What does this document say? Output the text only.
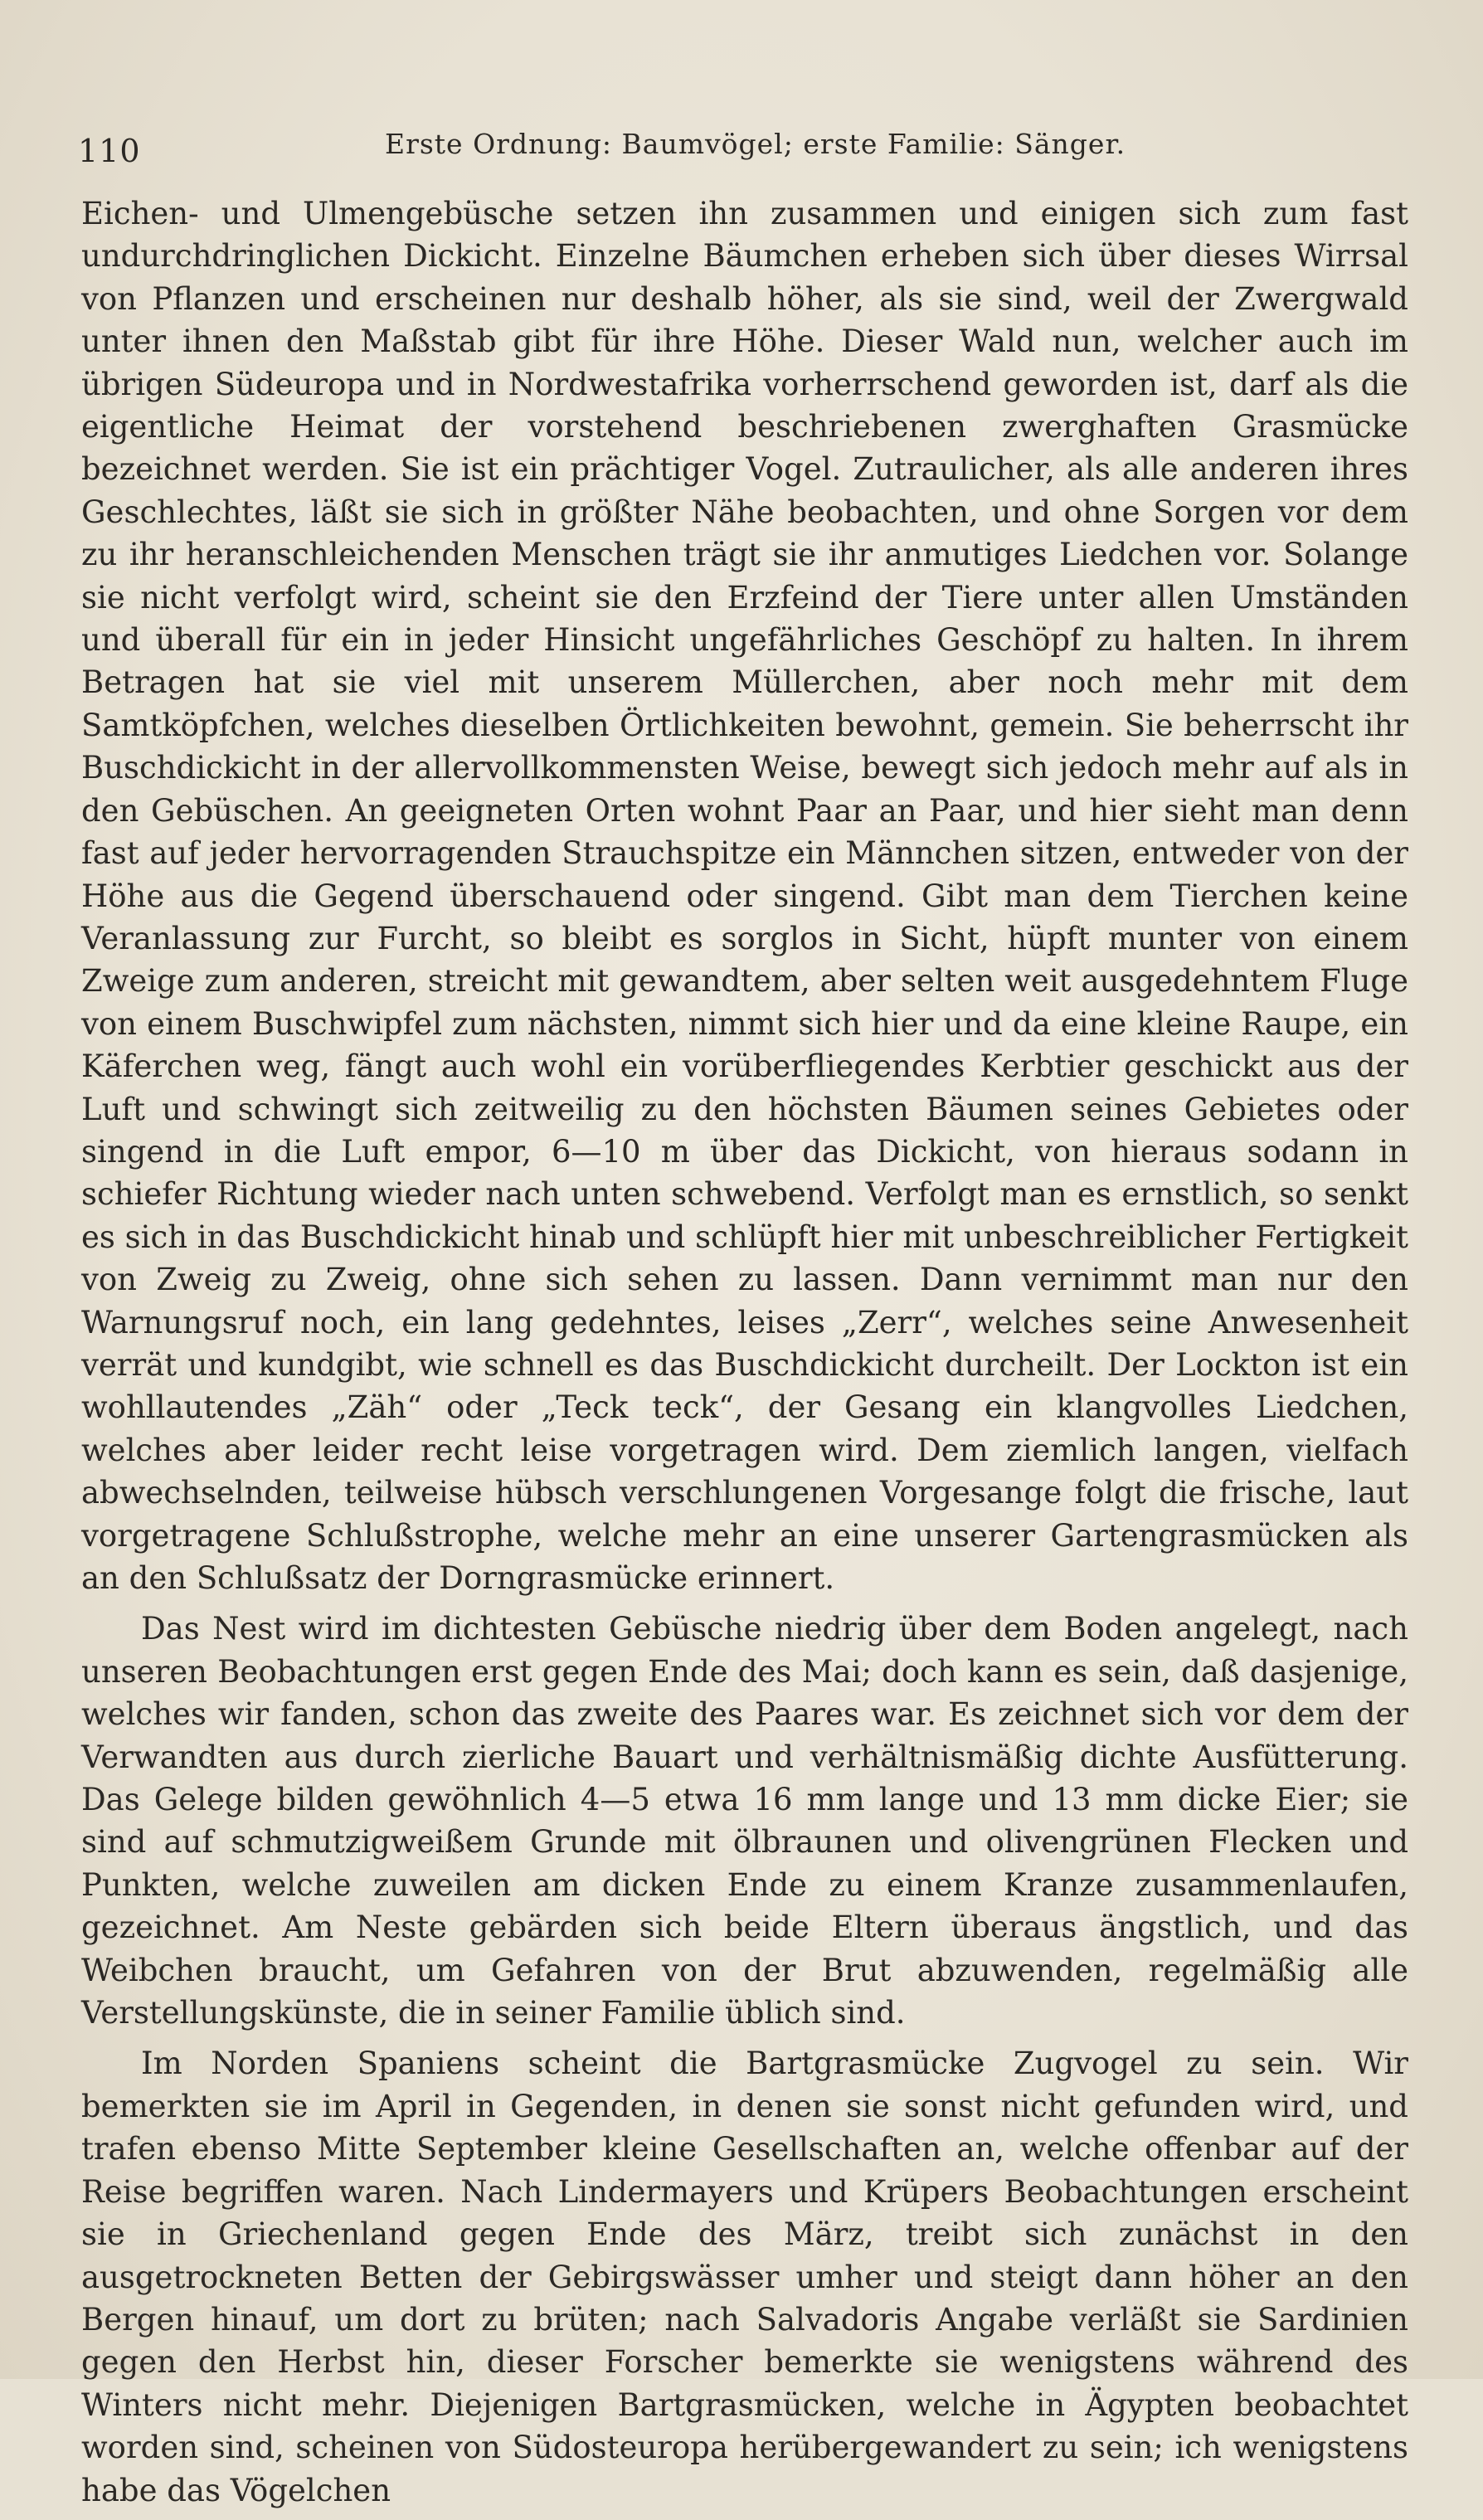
110	Erste Ordnung: Baumvögel; erste Familie: Sänger.

Eichen- und Ulmengebüsche setzen ihn zusammen und einigen sich zum fast undurchdringlichen Dickicht. Einzelne Bäumchen erheben sich über dieses Wirrsal von Pflanzen und erscheinen nur deshalb höher, als sie sind, weil der Zwergwald unter ihnen den Maßstab gibt für ihre Höhe. Dieser Wald nun, welcher auch im übrigen Südeuropa und in Nordwestafrika vorherrschend geworden ist, darf als die eigentliche Heimat der vorstehend beschriebenen zwerghaften Grasmücke bezeichnet werden. Sie ist ein prächtiger Vogel. Zutraulicher, als alle anderen ihres Geschlechtes, läßt sie sich in größter Nähe beobachten, und ohne Sorgen vor dem zu ihr heranschleichenden Menschen trägt sie ihr anmutiges Liedchen vor. Solange sie nicht verfolgt wird, scheint sie den Erzfeind der Tiere unter allen Umständen und überall für ein in jeder Hinsicht ungefährliches Geschöpf zu halten. In ihrem Betragen hat sie viel mit unserem Müllerchen, aber noch mehr mit dem Samtköpfchen, welches dieselben Örtlichkeiten bewohnt, gemein. Sie beherrscht ihr Buschdickicht in der allervollkommensten Weise, bewegt sich jedoch mehr auf als in den Gebüschen. An geeigneten Orten wohnt Paar an Paar, und hier sieht man denn fast auf jeder hervorragenden Strauchspitze ein Männchen sitzen, entweder von der Höhe aus die Gegend überschauend oder singend. Gibt man dem Tierchen keine Veranlassung zur Furcht, so bleibt es sorglos in Sicht, hüpft munter von einem Zweige zum anderen, streicht mit gewandtem, aber selten weit ausgedehntem Fluge von einem Buschwipfel zum nächsten, nimmt sich hier und da eine kleine Raupe, ein Käferchen weg, fängt auch wohl ein vorüberfliegendes Kerbtier geschickt aus der Luft und schwingt sich zeitweilig zu den höchsten Bäumen seines Gebietes oder singend in die Luft empor, 6—10 m über das Dickicht, von hieraus sodann in schiefer Richtung wieder nach unten schwebend. Verfolgt man es ernstlich, so senkt es sich in das Buschdickicht hinab und schlüpft hier mit unbeschreiblicher Fertigkeit von Zweig zu Zweig, ohne sich sehen zu lassen. Dann vernimmt man nur den Warnungsruf noch, ein lang gedehntes, leises „Zerr“, welches seine Anwesenheit verrät und kundgibt, wie schnell es das Buschdickicht durcheilt. Der Lockton ist ein wohllautendes „Zäh“ oder „Teck teck“, der Gesang ein klangvolles Liedchen, welches aber leider recht leise vorgetragen wird. Dem ziemlich langen, vielfach abwechselnden, teilweise hübsch verschlungenen Vorgesange folgt die frische, laut vorgetragene Schlußstrophe, welche mehr an eine unserer Gartengrasmücken als an den Schlußsatz der Dorngrasmücke erinnert.

Das Nest wird im dichtesten Gebüsche niedrig über dem Boden angelegt, nach unseren Beobachtungen erst gegen Ende des Mai; doch kann es sein, daß dasjenige, welches wir fanden, schon das zweite des Paares war. Es zeichnet sich vor dem der Verwandten aus durch zierliche Bauart und verhältnismäßig dichte Ausfütterung. Das Gelege bilden gewöhnlich 4—5 etwa 16 mm lange und 13 mm dicke Eier; sie sind auf schmutzigweißem Grunde mit ölbraunen und olivengrünen Flecken und Punkten, welche zuweilen am dicken Ende zu einem Kranze zusammenlaufen, gezeichnet. Am Neste gebärden sich beide Eltern überaus ängstlich, und das Weibchen braucht, um Gefahren von der Brut abzuwenden, regelmäßig alle Verstellungskünste, die in seiner Familie üblich sind.

Im Norden Spaniens scheint die Bartgrasmücke Zugvogel zu sein. Wir bemerkten sie im April in Gegenden, in denen sie sonst nicht gefunden wird, und trafen ebenso Mitte September kleine Gesellschaften an, welche offenbar auf der Reise begriffen waren. Nach Lindermayers und Krüpers Beobachtungen erscheint sie in Griechenland gegen Ende des März, treibt sich zunächst in den ausgetrockneten Betten der Gebirgswässer umher und steigt dann höher an den Bergen hinauf, um dort zu brüten; nach Salvadoris Angabe verläßt sie Sardinien gegen den Herbst hin, dieser Forscher bemerkte sie wenigstens während des Winters nicht mehr. Diejenigen Bartgrasmücken, welche in Ägypten beobachtet worden sind, scheinen von Südosteuropa herübergewandert zu sein; ich wenigstens habe das Vögelchen
